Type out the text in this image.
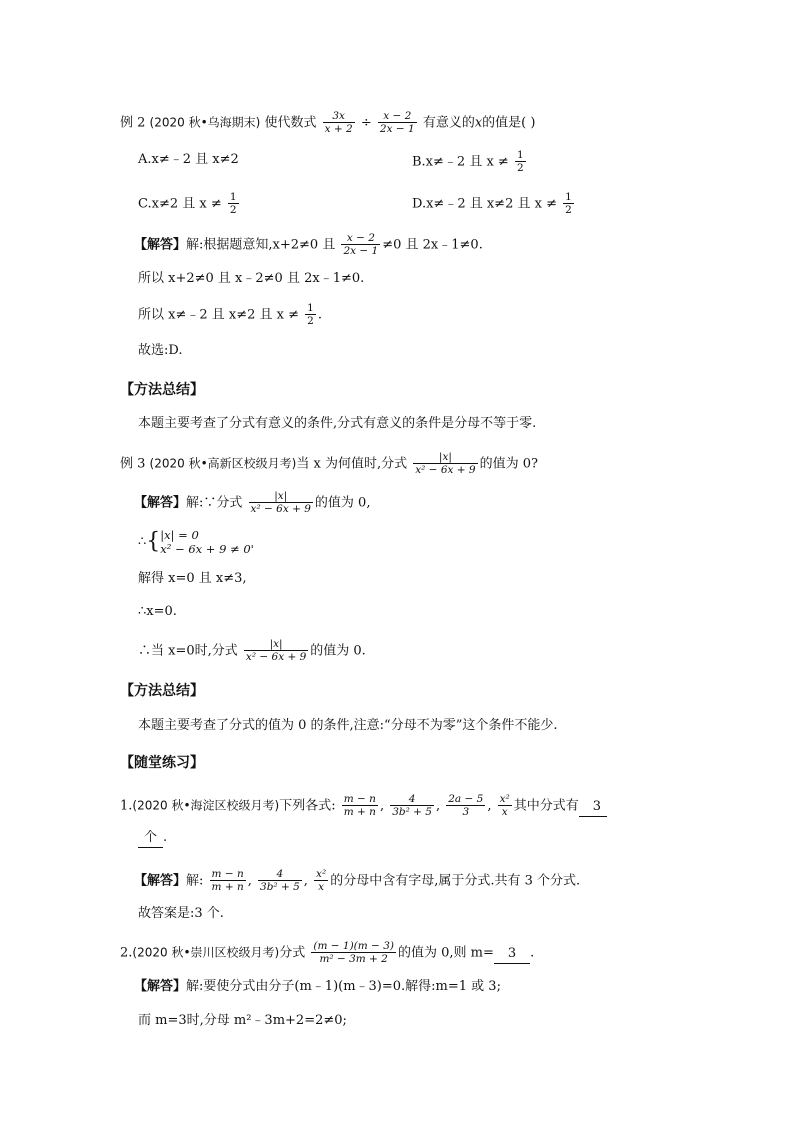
例 2 (2020 秋•乌海期末) 使代数式 $\frac{3x}{x + 2} \div \frac{x - 2}{2x - 1}$ 有意义的x的值是( )
A.x≠﹣2 且 x≠2	B.x≠﹣2 且 $x \ne \frac{1}{2}$
C.x≠2 且 $x \ne \frac{1}{2}$	D.x≠﹣2 且 x≠2 且 $x \ne \frac{1}{2}$
【解答】解:根据题意知,x+2≠0 且 $\frac{x - 2}{2x - 1} \ne 0$ 且 2x﹣1≠0.
所以 x+2≠0 且 x﹣2≠0 且 2x﹣1≠0.
所以 x≠﹣2 且 x≠2 且 $x \ne \frac{1}{2}$ .
故选:D.
【方法总结】
本题主要考查了分式有意义的条件,分式有意义的条件是分母不等于零.
例 3 (2020 秋•高新区校级月考)当 x 为何值时,分式 $\frac{|x|}{\text{x² − 6x + 9}}$ 的值为 0?
【解答】解:∵分式 $\frac{|x|}{\text{x² − 6x + 9}}$ 的值为 0,
∴{ |x| = 0
x² − 6x + 9 ≠ 0'
解得 x=0 且 x≠3,
∴x=0.
∴当 x=0时,分式 $\frac{|x|}{\text{x² − 6x + 9}}$ 的值为 0.
【方法总结】
本题主要考查了分式的值为 0 的条件,注意:“分母不为零”这个条件不能少.
【随堂练习】
1.(2020 秋•海淀区校级月考)下列各式: $\frac{m - n}{m + n}$ , $\frac{4}{\text{3b² + 5}}$ , $\frac{2a - 5}{3}$ , $\frac{\text{x²}}{x}$ 其中分式有 3
个 .
【解答】解: $\frac{m - n}{m + n}$ , $\frac{4}{\text{3b² + 5}}$ , $\frac{\text{x²}}{x}$ 的分母中含有字母,属于分式.共有 3 个分式.
故答案是:3 个.
2.(2020 秋•崇川区校级月考)分式 $\frac{(m - 1)(m - 3)}{\text{m² − 3m + 2}}$ 的值为 0,则 m= 3 .
【解答】解:要使分式由分子(m﹣1)(m﹣3)=0.解得:m=1 或 3;
而 m=3时,分母 m²﹣3m+2=2≠0;
